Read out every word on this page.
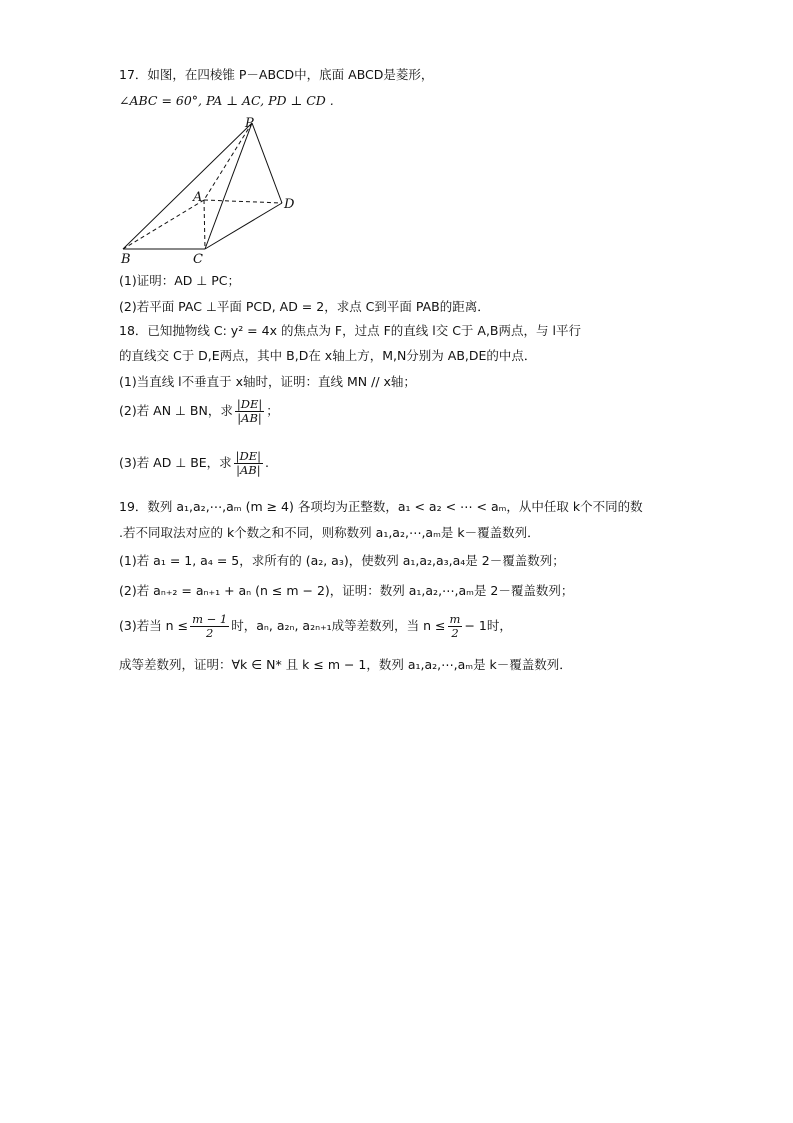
17．如图，在四棱锥 P－ABCD中，底面 ABCD是菱形，
∠ABC = 60°, PA ⊥ AC, PD ⊥ CD .
P
A
B	C
D
(1)证明：AD ⊥ PC；
(2)若平面 PAC ⊥平面 PCD, AD = 2，求点 C到平面 PAB的距离．
18．已知抛物线 C: y² = 4x 的焦点为 F，过点 F的直线 l交 C于 A,B两点，与 l平行
的直线交 C于 D,E两点，其中 B,D在 x轴上方，M,N分别为 AB,DE的中点．
(1)当直线 l不垂直于 x轴时，证明：直线 MN // x轴；
(2)若 AN ⊥ BN，求 $\frac{|DE|}{|AB|}$ ；
(3)若 AD ⊥ BE，求 $\frac{|DE|}{|AB|}$ .
19．数列 a₁,a₂,⋯,aₘ (m ≥ 4) 各项均为正整数，a₁ < a₂ < ⋯ < aₘ，从中任取 k个不同的数
.若不同取法对应的 k个数之和不同，则称数列 a₁,a₂,⋯,aₘ是 k－覆盖数列．
(1)若 a₁ = 1, a₄ = 5，求所有的 (a₂, a₃)，使数列 a₁,a₂,a₃,a₄是 2－覆盖数列；
(2)若 aₙ₊₂ = aₙ₊₁ + aₙ (n ≤ m − 2)，证明：数列 a₁,a₂,⋯,aₘ是 2－覆盖数列；
(3)若当 $n \le \frac{m - 1}{2}$ 时，aₙ, a₂ₙ, a₂ₙ₊₁成等差数列，当 $n \le \frac{m}{2} - 1$时，
成等差数列，证明：∀k ∈ N* 且 k ≤ m − 1，数列 a₁,a₂,⋯,aₘ是 k－覆盖数列．
